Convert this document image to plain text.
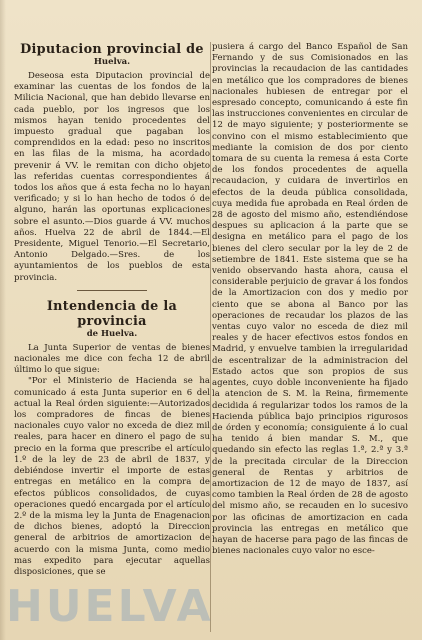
Diputacion provincial de
Huelva.

Deseosa esta Diputacion provincial de examinar las cuentas de los fondos de la Milicia Nacional, que han debido llevarse en cada pueblo, por los ingresos que los mismos hayan tenido procedentes del impuesto gradual que pagaban los comprendidos en la edad: peso no inscritos en las filas de la misma, ha acordado prevenir á VV. le remitan con dicho objeto las referidas cuentas correspondientes á todos los años que á esta fecha no lo hayan verificado; y si lo han hecho de todos ó de alguno, harán las oportunas explicaciones sobre el asunto.—Dios guarde á VV. muchos años. Huelva 22 de abril de 1844.—El Presidente, Miguel Tenorio.—El Secretario, Antonio Delgado.—Sres. de los ayuntamientos de los pueblos de esta provincia.

Intendencia de la provincia
de Huelva.

La Junta Superior de ventas de bienes nacionales me dice con fecha 12 de abril último lo que sigue:

"Por el Ministerio de Hacienda se ha comunicado á esta Junta superior en 6 del actual la Real órden siguiente:—Autorizados los compradores de fincas de bienes nacionales cuyo valor no exceda de diez mil reales, para hacer en dinero el pago de su precio en la forma que prescribe el artículo 1.º de la ley de 23 de abril de 1837, y debiéndose invertir el importe de estas entregas en metálico en la compra de efectos públicos consolidados, de cuyas operaciones quedó encargada por el artículo 2.º de la misma ley la Junta de Enagenacion de dichos bienes, adoptó la Direccion general de arbitrios de amortizacion de acuerdo con la misma Junta, como medio mas expedito para ejecutar aquellas disposiciones, que se

pusiera á cargo del Banco Español de San Fernando y de sus Comisionados en las provincias la recaudacion de las cantidades en metálico que los compradores de bienes nacionales hubiesen de entregar por el espresado concepto, comunicando á este fin las instrucciones convenientes en circular de 12 de mayo siguiente; y posteriormente se convino con el mismo establecimiento que mediante la comision de dos por ciento tomara de su cuenta la remesa á esta Corte de los fondos procedentes de aquella recaudacion, y cuidara de invertirlos en efectos de la deuda pública consolidada, cuya medida fue aprobada en Real órden de 28 de agosto del mismo año, estendiéndose despues su aplicacion á la parte que se designa en metálico para el pago de los bienes del clero secular por la ley de 2 de setiembre de 1841. Este sistema que se ha venido observando hasta ahora, causa el considerable perjuicio de gravar á los fondos de la Amortizacion con dos y medio por ciento que se abona al Banco por las operaciones de recaudar los plazos de las ventas cuyo valor no esceda de diez mil reales y de hacer efectivos estos fondos en Madrid, y envuelve tambien la irregularidad de escentralizar de la administracion del Estado actos que son propios de sus agentes, cuyo doble inconveniente ha fijado la atencion de S. M. la Reina, firmemente decidida á regularizar todos los ramos de la Hacienda pública bajo principios rigurosos de órden y economía; consiguiente á lo cual ha tenido á bien mandar S. M., que quedando sin efecto las reglas 1.ª, 2.ª y 3.ª de la precitada circular de la Direccion general de Rentas y arbitrios de amortizacion de 12 de mayo de 1837, así como tambien la Real órden de 28 de agosto del mismo año, se recauden en lo sucesivo por las oficinas de amortizacion en cada provincia las entregas en metálico que hayan de hacerse para pago de las fincas de bienes nacionales cuyo valor no esce-

HUELVA
